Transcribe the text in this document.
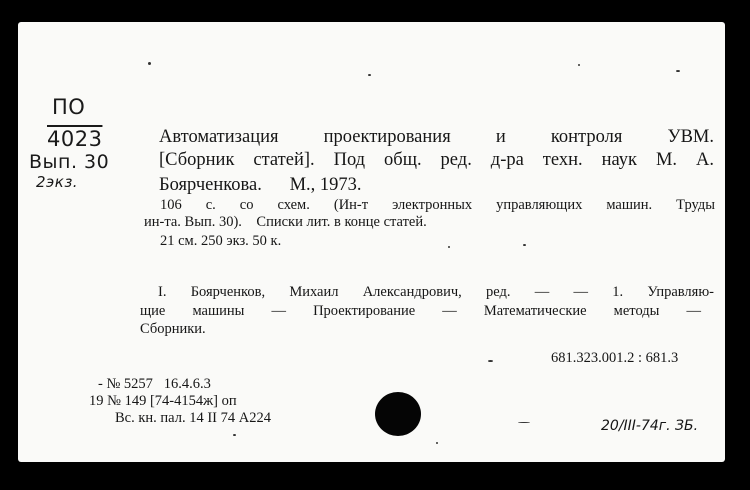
ПО
4023
Вып. 30
2экз.
Автоматизация проектирования и контроля УВМ.
[Сборник статей]. Под общ. ред. д-ра техн. наук М. А.
Боярченкова.      М., 1973.
106 с. со схем. (Ин-т электронных управляющих машин. Труды
ин-та. Вып. 30).    Списки лит. в конце статей.
21 см. 250 экз. 50 к.
I. Боярченков, Михаил Александрович, ред. — — 1. Управляю-
щие машины — Проектирование — Математические методы —
Сборники.
681.323.001.2 : 681.3
- № 5257   16.4.6.3
19 № 149 [74-4154ж] оп
Вс. кн. пал. 14 II 74 А224	20/III-74г. ЗБ.
